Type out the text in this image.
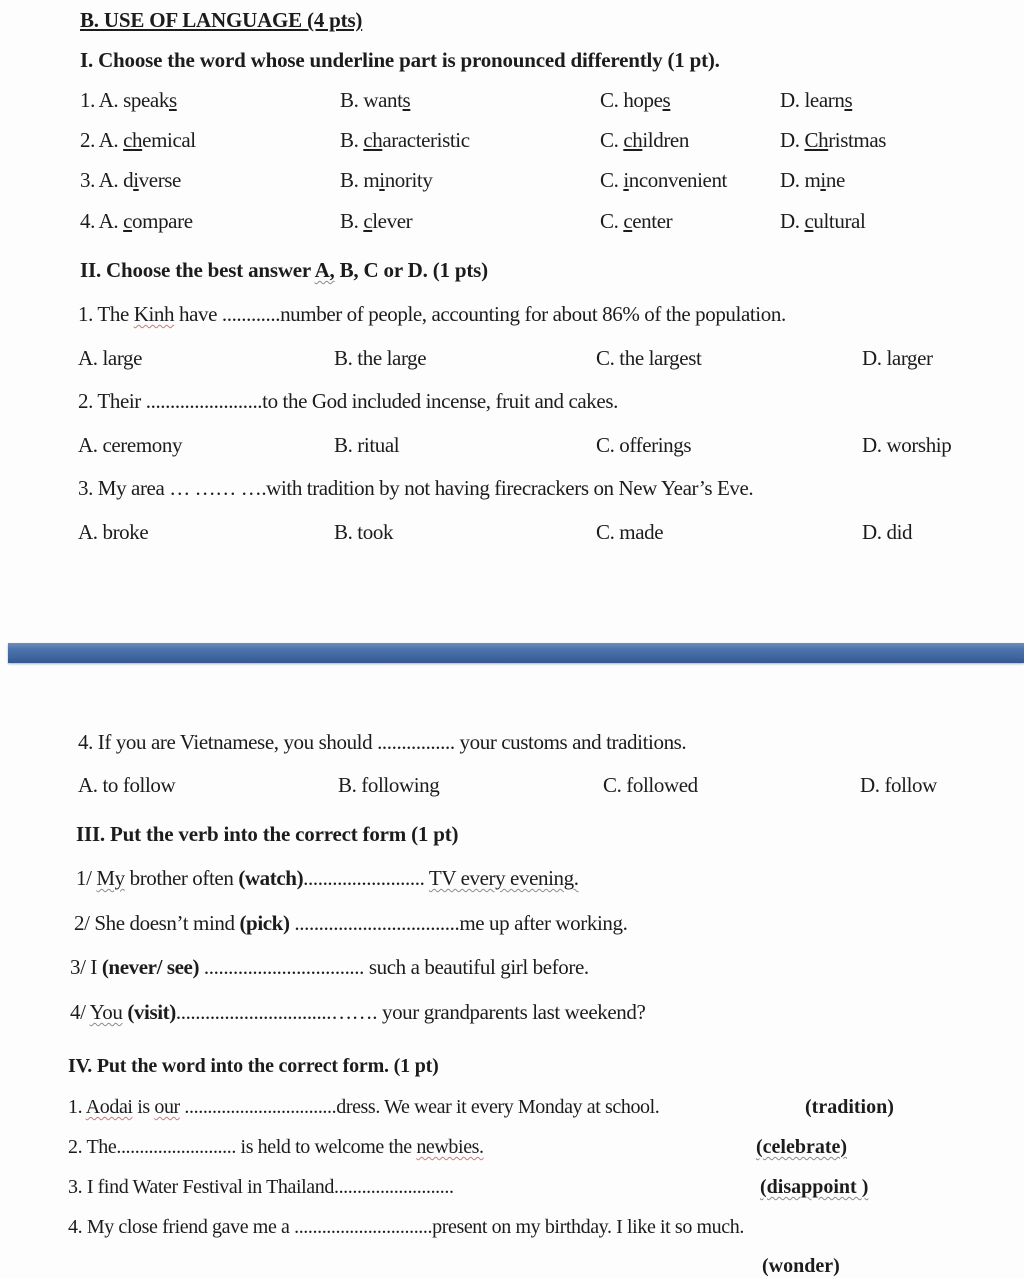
B. USE OF LANGUAGE (4 pts)
I. Choose the word whose underline part is pronounced differently (1 pt).
1. A. speaks	B. wants	C. hopes	D. learns
2. A. chemical	B. characteristic	C. children	D. Christmas
3. A. diverse	B. minority	C. inconvenient	D. mine
4. A. compare	B. clever	C. center	D. cultural
II. Choose the best answer A, B, C or D. (1 pts)
1. The Kinh have ............number of people, accounting for about 86% of the population.
A. large	B. the large	C. the largest	D. larger
2. Their ........................to the God included incense, fruit and cakes.
A. ceremony	B. ritual	C. offerings	D. worship
3. My area … …… ….with tradition by not having firecrackers on New Year’s Eve.
A. broke	B. took	C. made	D. did
4. If you are Vietnamese, you should ................ your customs and traditions.
A. to follow	B. following	C. followed	D. follow
III. Put the verb into the correct form (1 pt)
1/ My brother often (watch)......................... TV every evening.
2/ She doesn’t mind (pick) ..................................me up after working.
3/ I (never/ see) ................................. such a beautiful girl before.
4/ You (visit)................................……. your grandparents last weekend?
IV. Put the word into the correct form. (1 pt)
1. Aodai is our .................................dress. We wear it every Monday at school.	(tradition)
2. The.......................... is held to welcome the newbies.	(celebrate)
3. I find Water Festival in Thailand..........................	(disappoint )
4. My close friend gave me a ..............................present on my birthday. I like it so much.
(wonder)
